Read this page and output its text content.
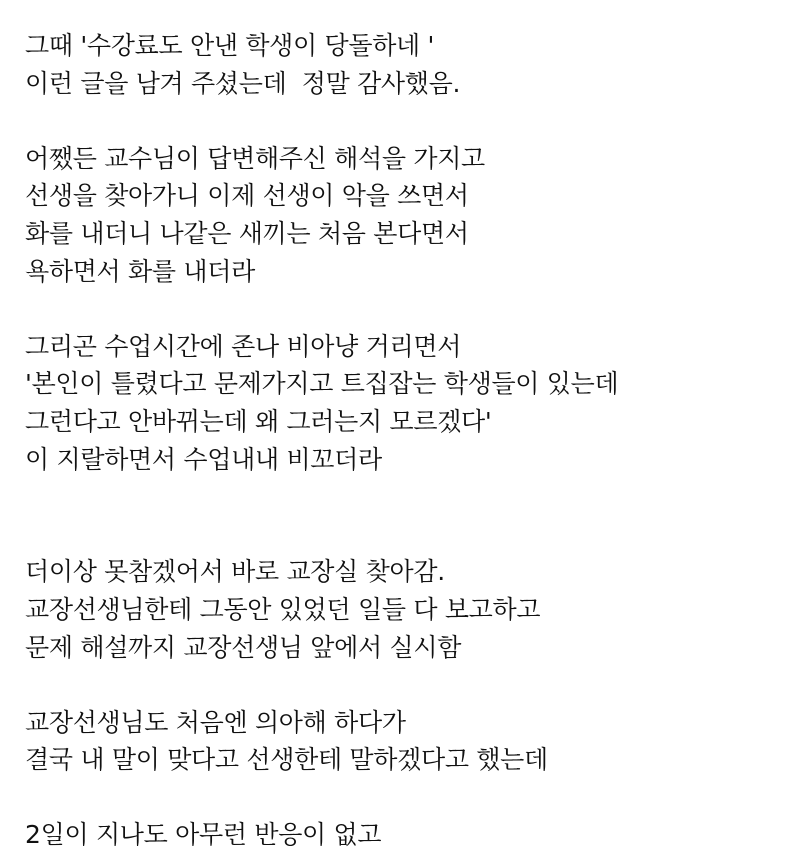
그때 '수강료도 안낸 학생이 당돌하네 '
이런 글을 남겨 주셨는데  정말 감사했음.
어쨌든 교수님이 답변해주신 해석을 가지고
선생을 찾아가니 이제 선생이 악을 쓰면서
화를 내더니 나같은 새끼는 처음 본다면서
욕하면서 화를 내더라
그리곤 수업시간에 존나 비아냥 거리면서
'본인이 틀렸다고 문제가지고 트집잡는 학생들이 있는데
그런다고 안바뀌는데 왜 그러는지 모르겠다'
이 지랄하면서 수업내내 비꼬더라
더이상 못참겠어서 바로 교장실 찾아감.
교장선생님한테 그동안 있었던 일들 다 보고하고
문제 해설까지 교장선생님 앞에서 실시함
교장선생님도 처음엔 의아해 하다가
결국 내 말이 맞다고 선생한테 말하겠다고 했는데
2일이 지나도 아무런 반응이 없고
